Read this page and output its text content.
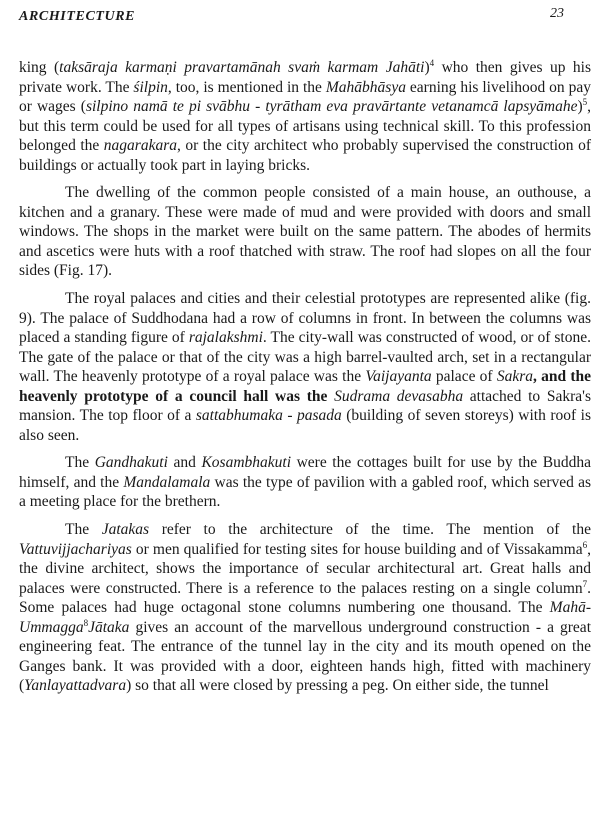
ARCHITECTURE	23

king (taksāraja karmaṇi pravartamānah svaṁ karmam Jahāti)$^4$ who then gives up his private work. The śilpin, too, is mentioned in the Mahābhāsya earning his livelihood on pay or wages (silpino namā te pi svābhu - tyrātham eva pravārtante vetanamcā lapsyāmahe)$^5$, but this term could be used for all types of artisans using technical skill. To this profession belonged the nagarakara, or the city architect who probably supervised the construction of buildings or actually took part in laying bricks.

The dwelling of the common people consisted of a main house, an outhouse, a kitchen and a granary. These were made of mud and were provided with doors and small windows. The shops in the market were built on the same pattern. The abodes of hermits and ascetics were huts with a roof thatched with straw. The roof had slopes on all the four sides (Fig. 17).

The royal palaces and cities and their celestial prototypes are represented alike (fig. 9). The palace of Suddhodana had a row of columns in front. In between the columns was placed a standing figure of rajalakshmi. The city-wall was constructed of wood, or of stone. The gate of the palace or that of the city was a high barrel-vaulted arch, set in a rectangular wall. The heavenly prototype of a royal palace was the Vaijayanta palace of Sakra, and the heavenly prototype of a council hall was the Sudrama devasabha attached to Sakra's mansion. The top floor of a sattabhumaka - pasada (building of seven storeys) with roof is also seen.

The Gandhakuti and Kosambhakuti were the cottages built for use by the Buddha himself, and the Mandalamala was the type of pavilion with a gabled roof, which served as a meeting place for the brethern.

The Jatakas refer to the architecture of the time. The mention of the Vattuvijjachariyas or men qualified for testing sites for house building and of Vissakamma$^6$, the divine architect, shows the importance of secular architectural art. Great halls and palaces were constructed. There is a reference to the palaces resting on a single column$^7$. Some palaces had huge octagonal stone columns numbering one thousand. The Mahā-Ummagga$^8$Jātaka gives an account of the marvellous underground construction - a great engineering feat. The entrance of the tunnel lay in the city and its mouth opened on the Ganges bank. It was provided with a door, eighteen hands high, fitted with machinery (Yanlayattadvara) so that all were closed by pressing a peg. On either side, the tunnel
